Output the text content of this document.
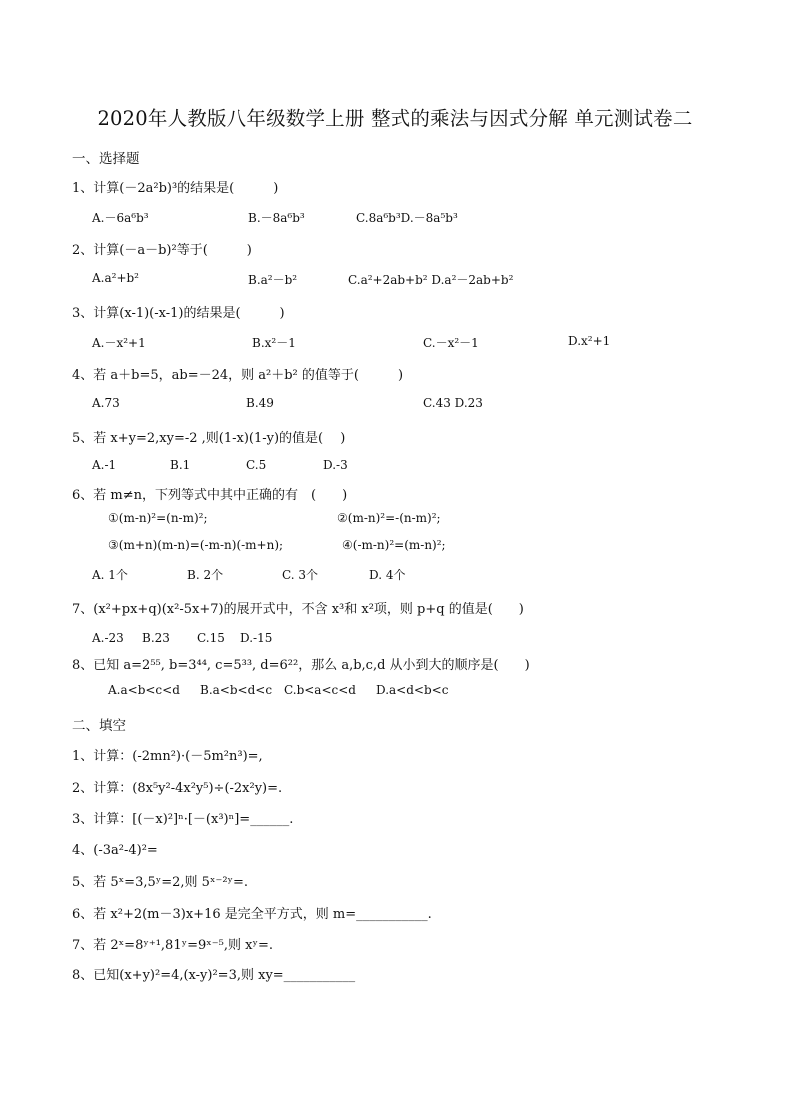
2020年人教版八年级数学上册 整式的乘法与因式分解 单元测试卷二
一、选择题
1、计算(－2a²b)³的结果是(　　　)
A.－6a⁶b³	B.－8a⁶b³	C.8a⁶b³D.－8a⁵b³
2、计算(－a－b)²等于(　　　)
A.a²+b²	B.a²－b²	C.a²+2ab+b² D.a²－2ab+b²
3、计算(x-1)(-x-1)的结果是(　　　)
A.－x²+1	B.x²－1	C.－x²－1	D.x²+1
4、若 a＋b=5，ab=－24，则 a²＋b² 的值等于(　　　)
A.73	B.49	C.43 D.23
5、若 x+y=2,xy=-2 ,则(1-x)(1-y)的值是(　 )
A.-1	B.1	C.5	D.-3
6、若 m≠n，下列等式中其中正确的有　(　　)
①(m-n)²=(n-m)²;	②(m-n)²=-(n-m)²;
③(m+n)(m-n)=(-m-n)(-m+n);	④(-m-n)²=(m-n)²;
A. 1个	B. 2个	C. 3个	D. 4个
7、(x²+px+q)(x²-5x+7)的展开式中，不含 x³和 x²项，则 p+q 的值是(　　)
A.-23 B.23 C.15 D.-15
8、已知 a=2⁵⁵, b=3⁴⁴, c=5³³, d=6²²，那么 a,b,c,d 从小到大的顺序是(　　)
A.a<b<c<d B.a<b<d<c C.b<a<c<d D.a<d<b<c
二、填空
1、计算：(-2mn²)·(－5m²n³)=,
2、计算：(8x⁵y²-4x²y⁵)÷(-2x²y)=.
3、计算：[(－x)²]ⁿ·[－(x³)ⁿ]=______.
4、(-3a²-4)²=
5、若 5ˣ=3,5ʸ=2,则 5ˣ⁻²ʸ=.
6、若 x²+2(m－3)x+16 是完全平方式，则 m=___________.
7、若 2ˣ=8ʸ⁺¹,81ʸ=9ˣ⁻⁵,则 xʸ=.
8、已知(x+y)²=4,(x-y)²=3,则 xy=___________
